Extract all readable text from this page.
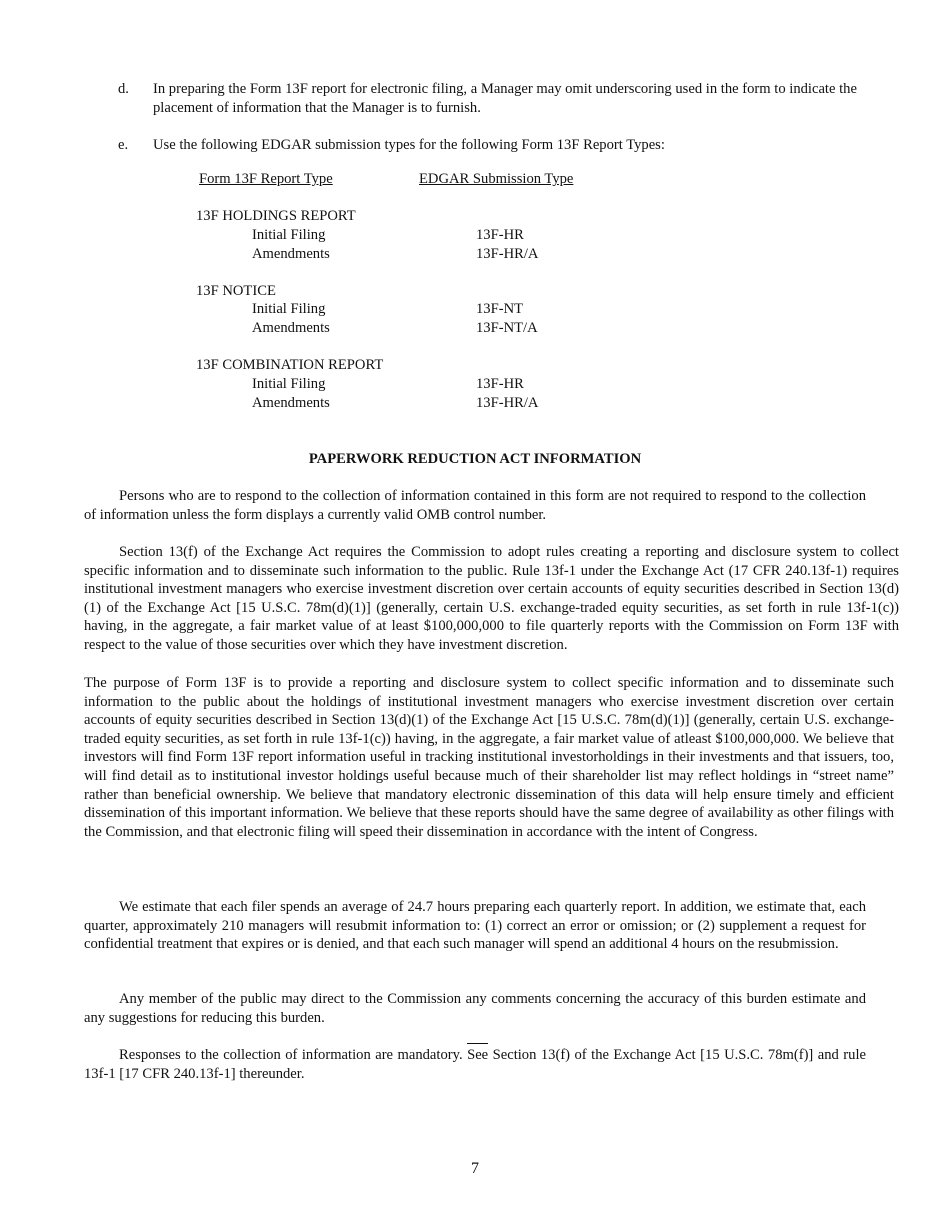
d. In preparing the Form 13F report for electronic filing, a Manager may omit underscoring used in the form to indicate the placement of information that the Manager is to furnish.
e. Use the following EDGAR submission types for the following Form 13F Report Types:
Form 13F Report Type	EDGAR Submission Type
13F HOLDINGS REPORT
Initial Filing	13F-HR
Amendments	13F-HR/A
13F NOTICE
Initial Filing	13F-NT
Amendments	13F-NT/A
13F COMBINATION REPORT
Initial Filing	13F-HR
Amendments	13F-HR/A
PAPERWORK REDUCTION ACT INFORMATION
Persons who are to respond to the collection of information contained in this form are not required to respond to the collection of information unless the form displays a currently valid OMB control number.
Section 13(f) of the Exchange Act requires the Commission to adopt rules creating a reporting and disclosure system to collect specific information and to disseminate such information to the public. Rule 13f-1 under the Exchange Act (17 CFR 240.13f-1) requires institutional investment managers who exercise investment discretion over certain accounts of equity securities described in Section 13(d)(1) of the Exchange Act [15 U.S.C. 78m(d)(1)] (generally, certain U.S. exchange-traded equity securities, as set forth in rule 13f-1(c)) having, in the aggregate, a fair market value of at least $100,000,000 to file quarterly reports with the Commission on Form 13F with respect to the value of those securities over which they have investment discretion.
The purpose of Form 13F is to provide a reporting and disclosure system to collect specific information and to disseminate such information to the public about the holdings of institutional investment managers who exercise investment discretion over certain accounts of equity securities described in Section 13(d)(1) of the Exchange Act [15 U.S.C. 78m(d)(1)] (generally, certain U.S. exchange-traded equity securities, as set forth in rule 13f-1(c)) having, in the aggregate, a fair market value of atleast $100,000,000. We believe that investors will find Form 13F report information useful in tracking institutional investorholdings in their investments and that issuers, too, will find detail as to institutional investor holdings useful because much of their shareholder list may reflect holdings in “street name” rather than beneficial ownership. We believe that mandatory electronic dissemination of this data will help ensure timely and efficient dissemination of this important information. We believe that these reports should have the same degree of availability as other filings with the Commission, and that electronic filing will speed their dissemination in accordance with the intent of Congress.
We estimate that each filer spends an average of 24.7 hours preparing each quarterly report. In addition, we estimate that, each quarter, approximately 210 managers will resubmit information to: (1) correct an error or omission; or (2) supplement a request for confidential treatment that expires or is denied, and that each such manager will spend an additional 4 hours on the resubmission.
Any member of the public may direct to the Commission any comments concerning the accuracy of this burden estimate and any suggestions for reducing this burden.
Responses to the collection of information are mandatory.
See Section 13(f) of the Exchange Act [15 U.S.C. 78m(f)] and rule 13f-1 [17 CFR 240.13f-1] thereunder.
7
